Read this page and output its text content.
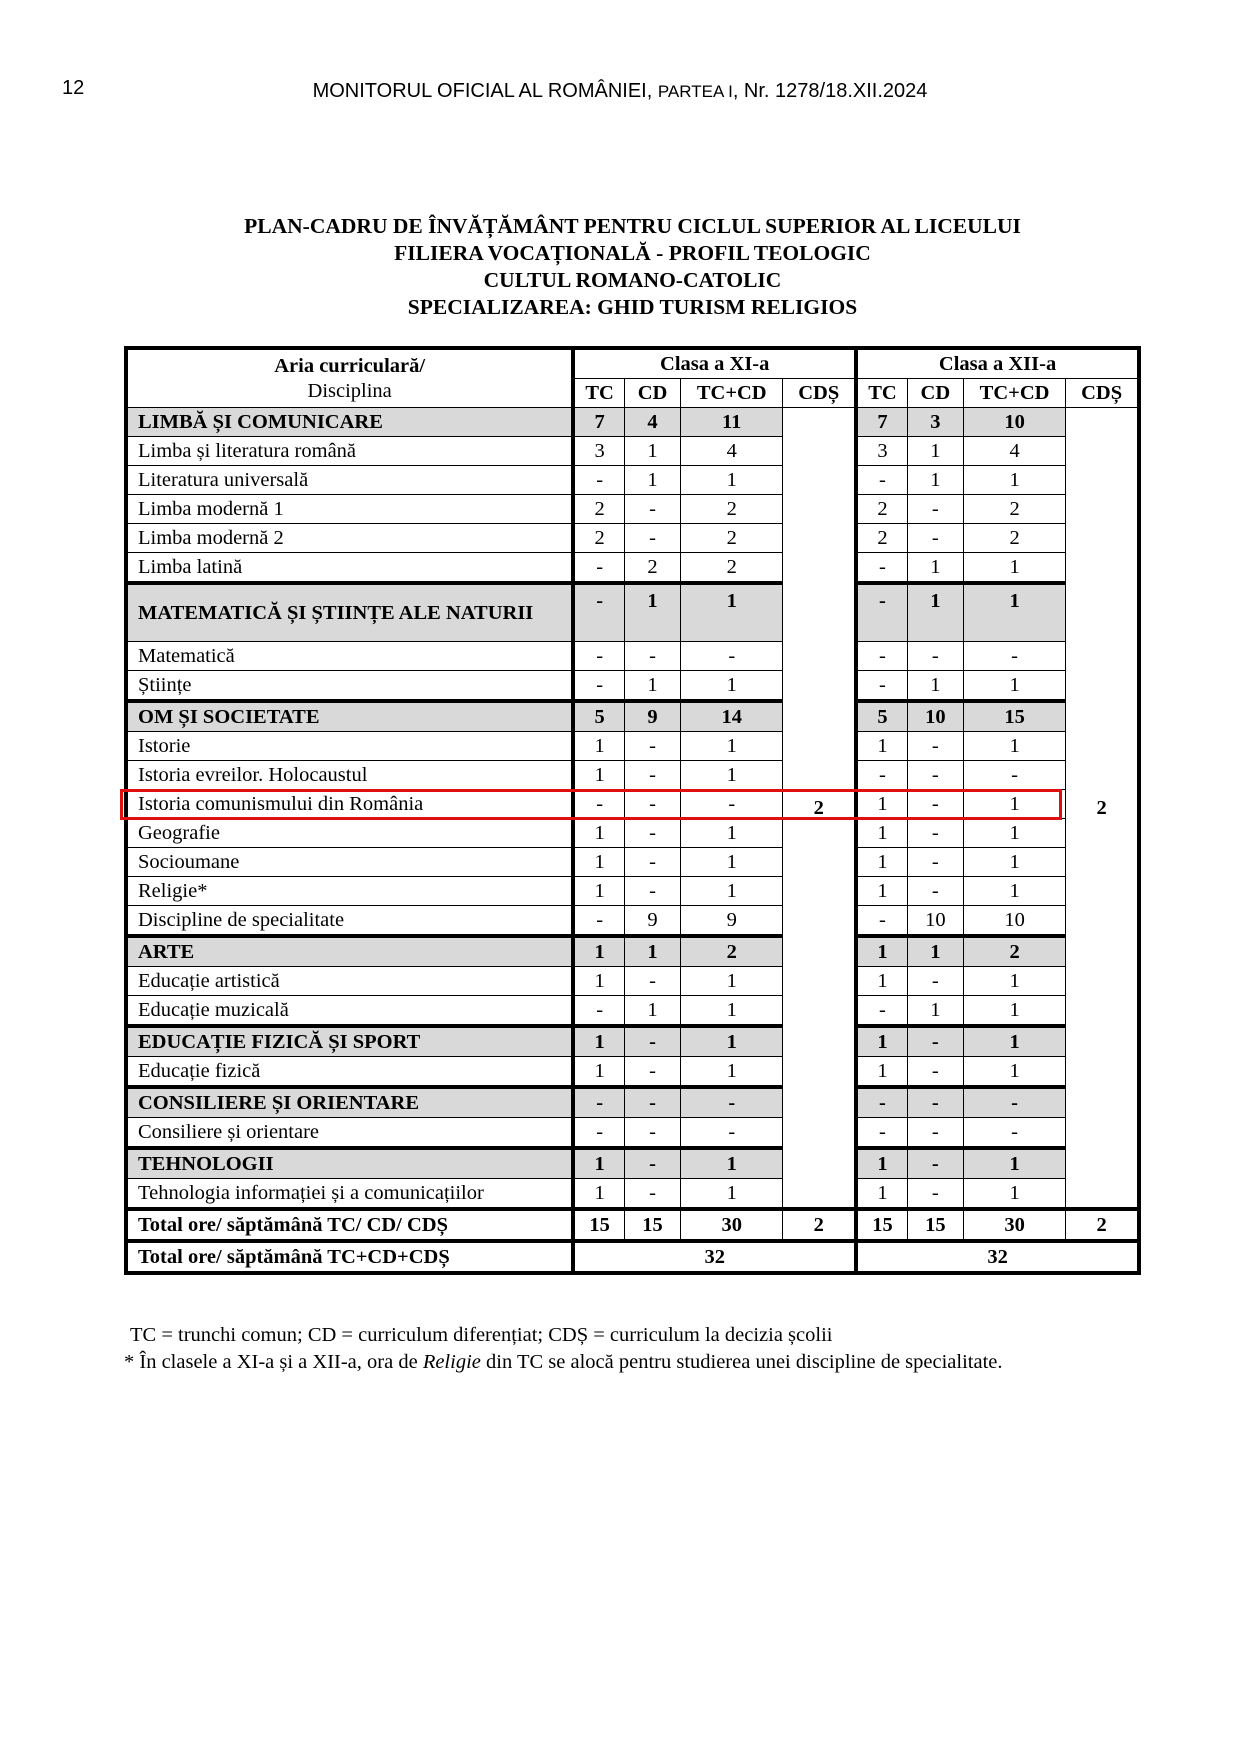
12	MONITORUL OFICIAL AL ROMÂNIEI, PARTEA I, Nr. 1278/18.XII.2024
PLAN-CADRU DE ÎNVĂȚĂMÂNT PENTRU CICLUL SUPERIOR AL LICEULUI
FILIERA VOCAȚIONALĂ - PROFIL TEOLOGIC
CULTUL ROMANO-CATOLIC
SPECIALIZAREA: GHID TURISM RELIGIOS
Aria curriculară/
Disciplina	Clasa a XI-a				Clasa a XII-a			
	TC	CD	TC+CD	CDȘ	TC	CD	TC+CD	CDȘ
LIMBĂ ȘI COMUNICARE	7	4	11	2	7	3	10	2
Limba și literatura română	3	1	4		3	1	4	
Literatura universală	-	1	1		-	1	1	
Limba modernă 1	2	-	2		2	-	2	
Limba modernă 2	2	-	2		2	-	2	
Limba latină	-	2	2		-	1	1	
MATEMATICĂ ȘI ȘTIINȚE ALE NATURII	-	1	1		-	1	1	
Matematică	-	-	-		-	-	-	
Științe	-	1	1		-	1	1	
OM ȘI SOCIETATE	5	9	14		5	10	15	
Istorie	1	-	1		1	-	1	
Istoria evreilor. Holocaustul	1	-	1		-	-	-	
Istoria comunismului din România	-	-	-		1	-	1	
Geografie	1	-	1		1	-	1	
Socioumane	1	-	1		1	-	1	
Religie*	1	-	1		1	-	1	
Discipline de specialitate	-	9	9		-	10	10	
ARTE	1	1	2		1	1	2	
Educație artistică	1	-	1		1	-	1	
Educație muzicală	-	1	1		-	1	1	
EDUCAȚIE FIZICĂ ȘI SPORT	1	-	1		1	-	1	
Educație fizică	1	-	1		1	-	1	
CONSILIERE ȘI ORIENTARE	-	-	-		-	-	-	
Consiliere și orientare	-	-	-		-	-	-	
TEHNOLOGII	1	-	1		1	-	1	
Tehnologia informației și a comunicațiilor	1	-	1		1	-	1	
Total ore/ săptămână TC/ CD/ CDȘ	15	15	30	2	15	15	30	2
Total ore/ săptămână TC+CD+CDȘ	32				32			
TC = trunchi comun; CD = curriculum diferențiat; CDȘ = curriculum la decizia școlii
* În clasele a XI-a și a XII-a, ora de Religie din TC se alocă pentru studierea unei discipline de specialitate.
